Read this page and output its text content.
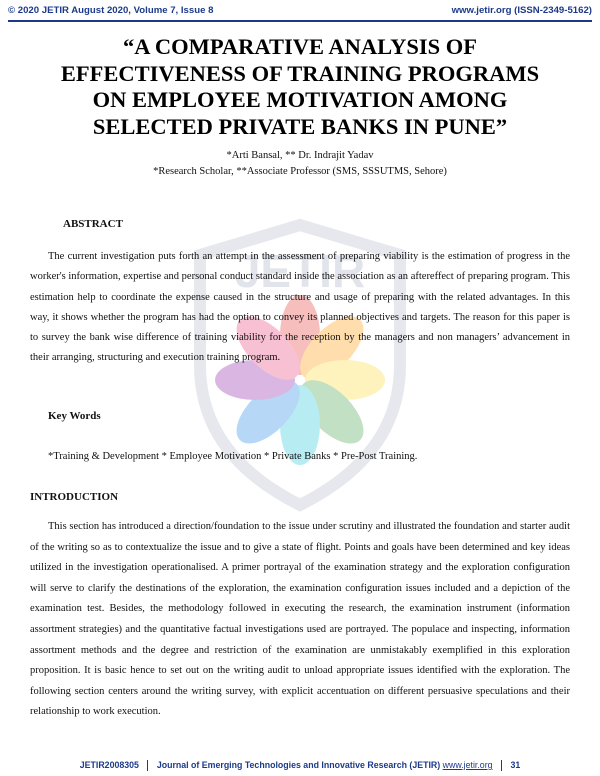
© 2020 JETIR August 2020, Volume 7, Issue 8	www.jetir.org (ISSN-2349-5162)
JETIR
“A COMPARATIVE ANALYSIS OF
EFFECTIVENESS OF TRAINING PROGRAMS
ON EMPLOYEE MOTIVATION AMONG
SELECTED PRIVATE BANKS IN PUNE”
*Arti Bansal, ** Dr. Indrajit Yadav
*Research Scholar, **Associate Professor (SMS, SSSUTMS, Sehore)
ABSTRACT

The current investigation puts forth an attempt in the assessment of preparing viability is the estimation of progress in the worker's information, expertise and personal conduct standard inside the association as an aftereffect of preparing program. This estimation help to coordinate the expense caused in the structure and usage of preparing with the related advantages. In this way, it shows whether the program has had the option to convey its planned objectives and targets. The reason for this paper is to survey the bank wise difference of training viability for the reception by the managers and non managers’ advancement in their arranging, structuring and execution training program.

Key Words
*Training & Development * Employee Motivation * Private Banks * Pre-Post Training.
INTRODUCTION

This section has introduced a direction/foundation to the issue under scrutiny and illustrated the foundation and starter audit of the writing so as to contextualize the issue and to give a state of flight. Points and goals have been determined and key ideas utilized in the investigation operationalised. A primer portrayal of the examination strategy and the exploration configuration will serve to clarify the destinations of the exploration, the examination configuration issues included and a depiction of the examination test. Besides, the methodology followed in executing the research, the examination instrument (information assortment strategies) and the quantitative factual investigations used are portrayed. The populace and inspecting, information assortment methods and the degree and restriction of the examination are unmistakably exemplified in this exploration proposition. It is basic hence to set out on the writing audit to unload appropriate issues identified with the exploration. The following section centers around the writing survey, with explicit accentuation on different persuasive speculations and their relationship to work execution.

JETIR2008305 Journal of Emerging Technologies and Innovative Research (JETIR) www.jetir.org 31
